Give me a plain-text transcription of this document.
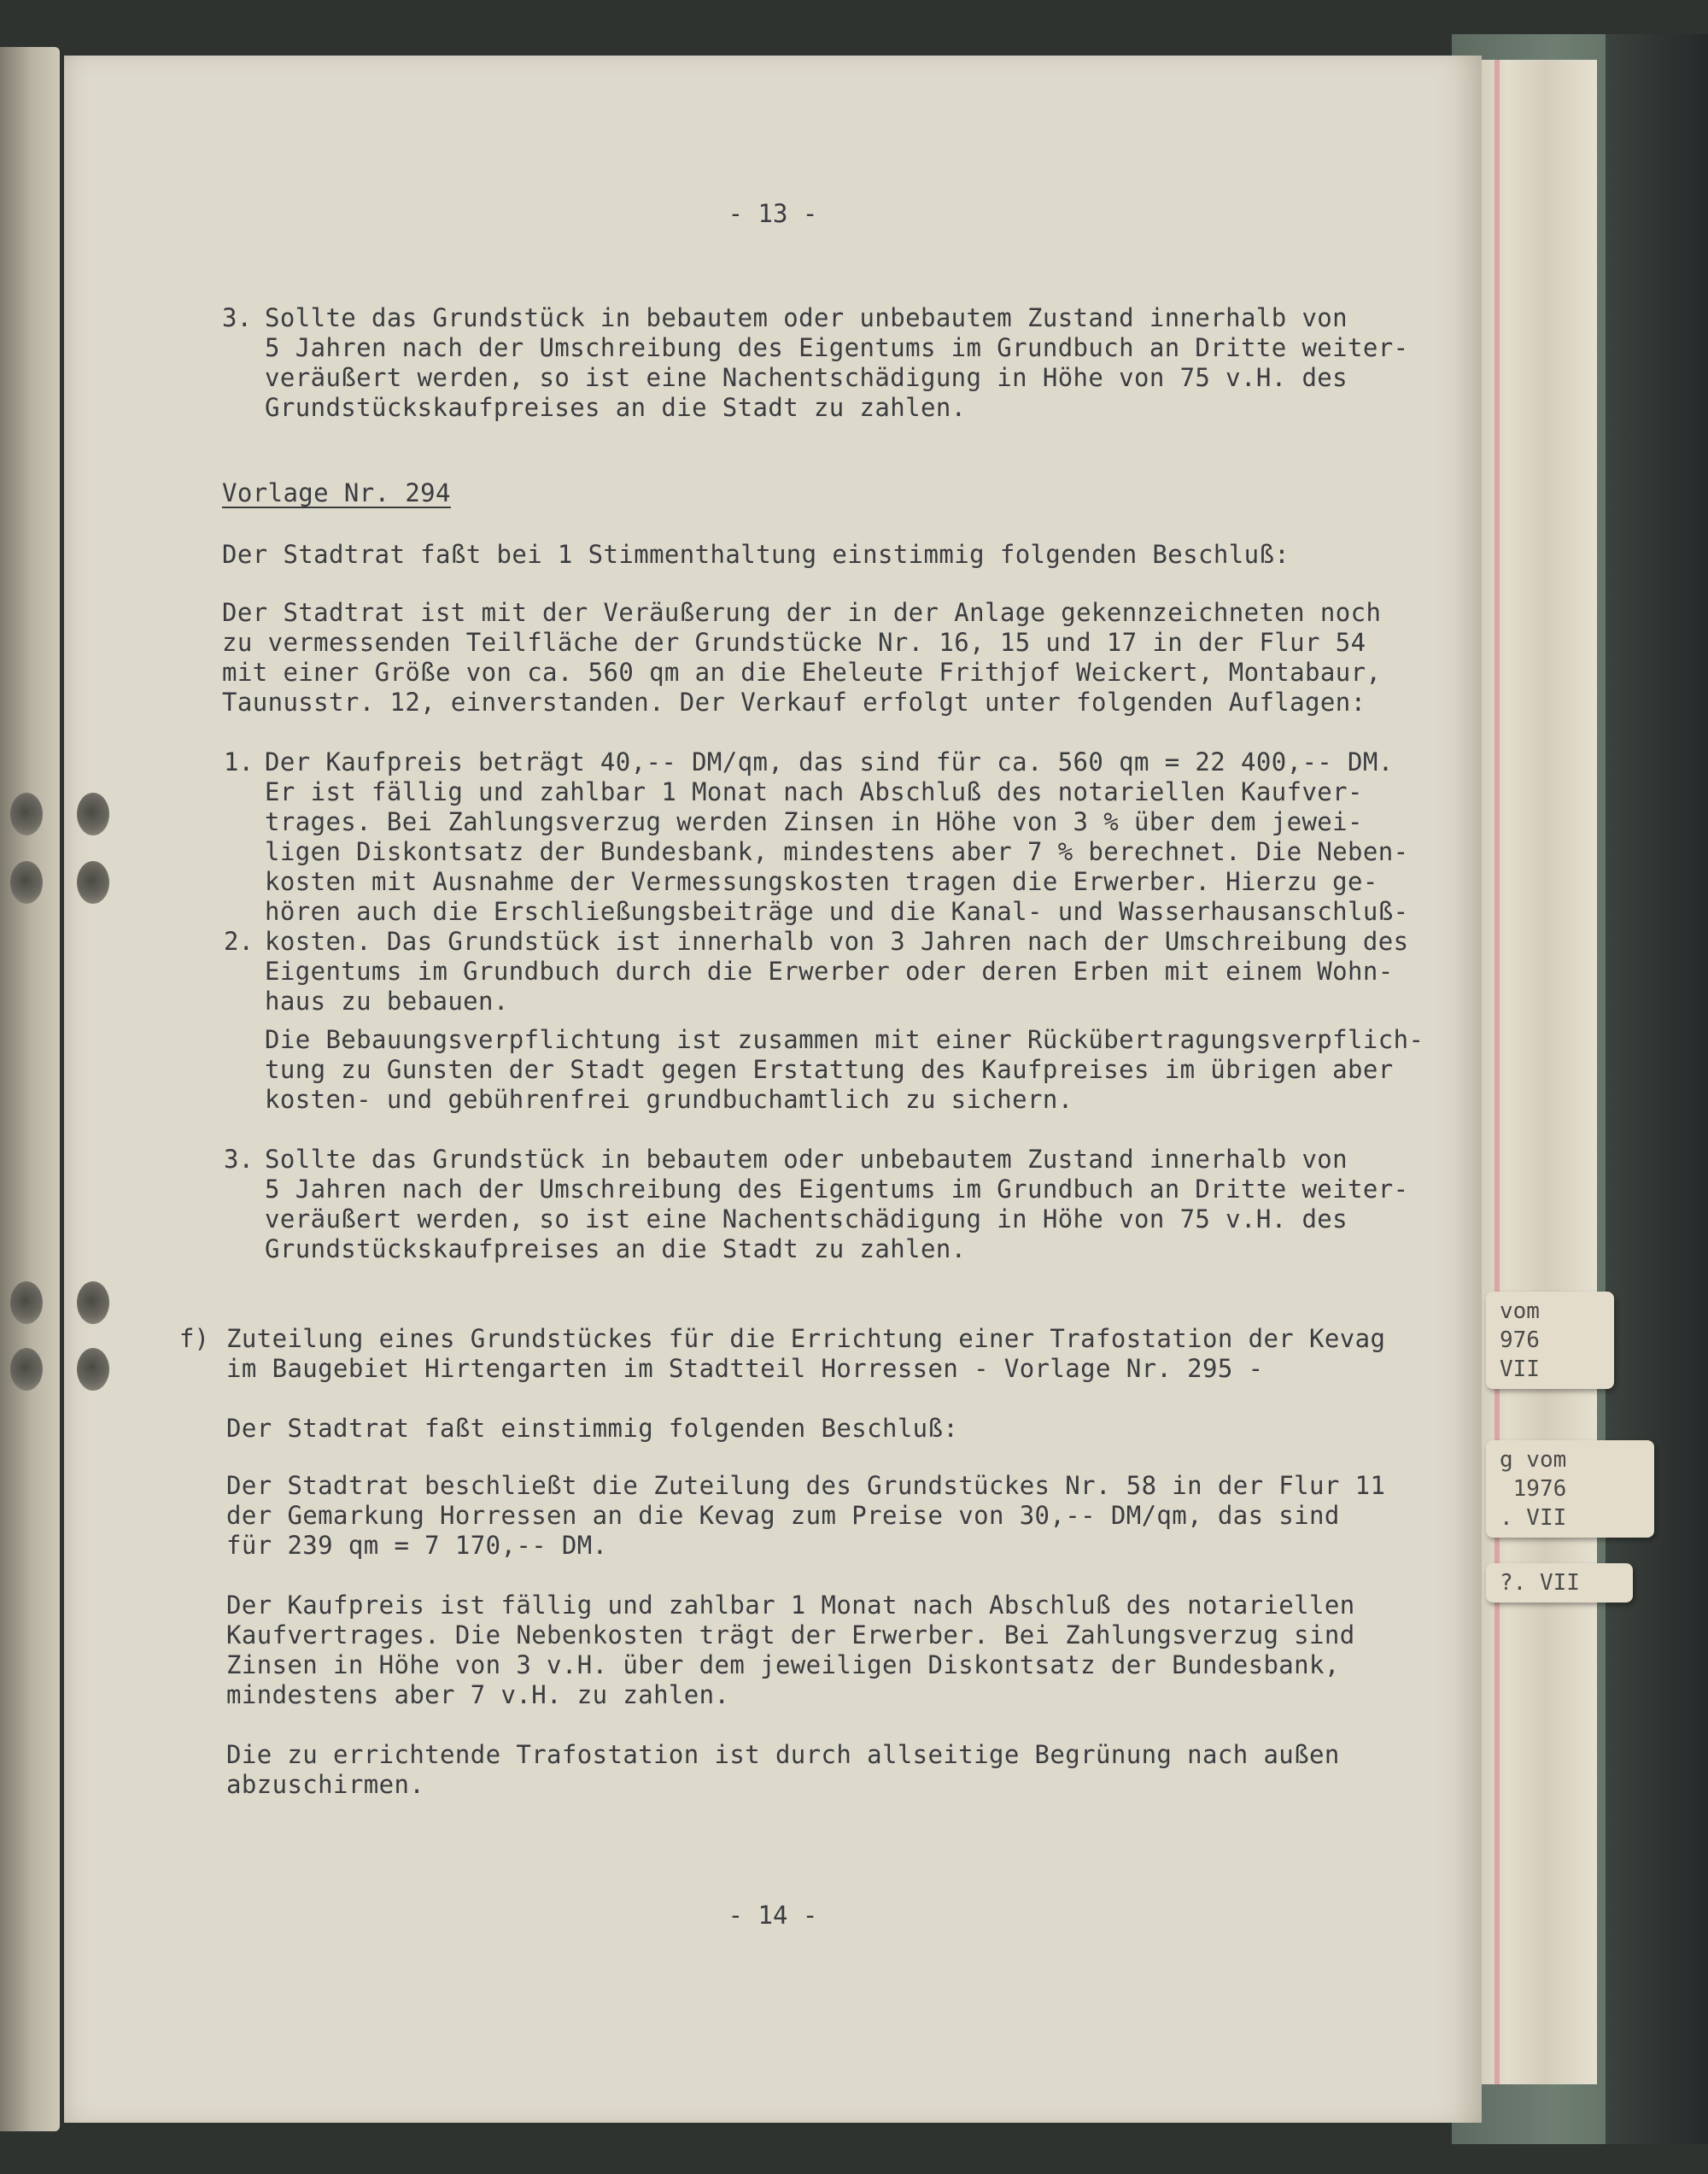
vom
976
VII
g vom
1976
. VII
?. VII
- 13 -
3. Sollte das Grundstück in bebautem oder unbebautem Zustand innerhalb von
5 Jahren nach der Umschreibung des Eigentums im Grundbuch an Dritte weiter-
veräußert werden, so ist eine Nachentschädigung in Höhe von 75 v.H. des
Grundstückskaufpreises an die Stadt zu zahlen.
Vorlage Nr. 294
Der Stadtrat faßt bei 1 Stimmenthaltung einstimmig folgenden Beschluß:
Der Stadtrat ist mit der Veräußerung der in der Anlage gekennzeichneten noch
zu vermessenden Teilfläche der Grundstücke Nr. 16, 15 und 17 in der Flur 54
mit einer Größe von ca. 560 qm an die Eheleute Frithjof Weickert, Montabaur,
Taunusstr. 12, einverstanden. Der Verkauf erfolgt unter folgenden Auflagen:
1. Der Kaufpreis beträgt 40,-- DM/qm, das sind für ca. 560 qm = 22 400,-- DM.
Er ist fällig und zahlbar 1 Monat nach Abschluß des notariellen Kaufver-
trages. Bei Zahlungsverzug werden Zinsen in Höhe von 3 % über dem jewei-
ligen Diskontsatz der Bundesbank, mindestens aber 7 % berechnet. Die Neben-
kosten mit Ausnahme der Vermessungskosten tragen die Erwerber. Hierzu ge-
hören auch die Erschließungsbeiträge und die Kanal- und Wasserhausanschluß-
2. kosten. Das Grundstück ist innerhalb von 3 Jahren nach der Umschreibung des
Eigentums im Grundbuch durch die Erwerber oder deren Erben mit einem Wohn-
haus zu bebauen.
Die Bebauungsverpflichtung ist zusammen mit einer Rückübertragungsverpflich-
tung zu Gunsten der Stadt gegen Erstattung des Kaufpreises im übrigen aber
kosten- und gebührenfrei grundbuchamtlich zu sichern.
3. Sollte das Grundstück in bebautem oder unbebautem Zustand innerhalb von
5 Jahren nach der Umschreibung des Eigentums im Grundbuch an Dritte weiter-
veräußert werden, so ist eine Nachentschädigung in Höhe von 75 v.H. des
Grundstückskaufpreises an die Stadt zu zahlen.
f) Zuteilung eines Grundstückes für die Errichtung einer Trafostation der Kevag
im Baugebiet Hirtengarten im Stadtteil Horressen - Vorlage Nr. 295 -
Der Stadtrat faßt einstimmig folgenden Beschluß:
Der Stadtrat beschließt die Zuteilung des Grundstückes Nr. 58 in der Flur 11
der Gemarkung Horressen an die Kevag zum Preise von 30,-- DM/qm, das sind
für 239 qm = 7 170,-- DM.
Der Kaufpreis ist fällig und zahlbar 1 Monat nach Abschluß des notariellen
Kaufvertrages. Die Nebenkosten trägt der Erwerber. Bei Zahlungsverzug sind
Zinsen in Höhe von 3 v.H. über dem jeweiligen Diskontsatz der Bundesbank,
mindestens aber 7 v.H. zu zahlen.
Die zu errichtende Trafostation ist durch allseitige Begrünung nach außen
abzuschirmen.
- 14 -
